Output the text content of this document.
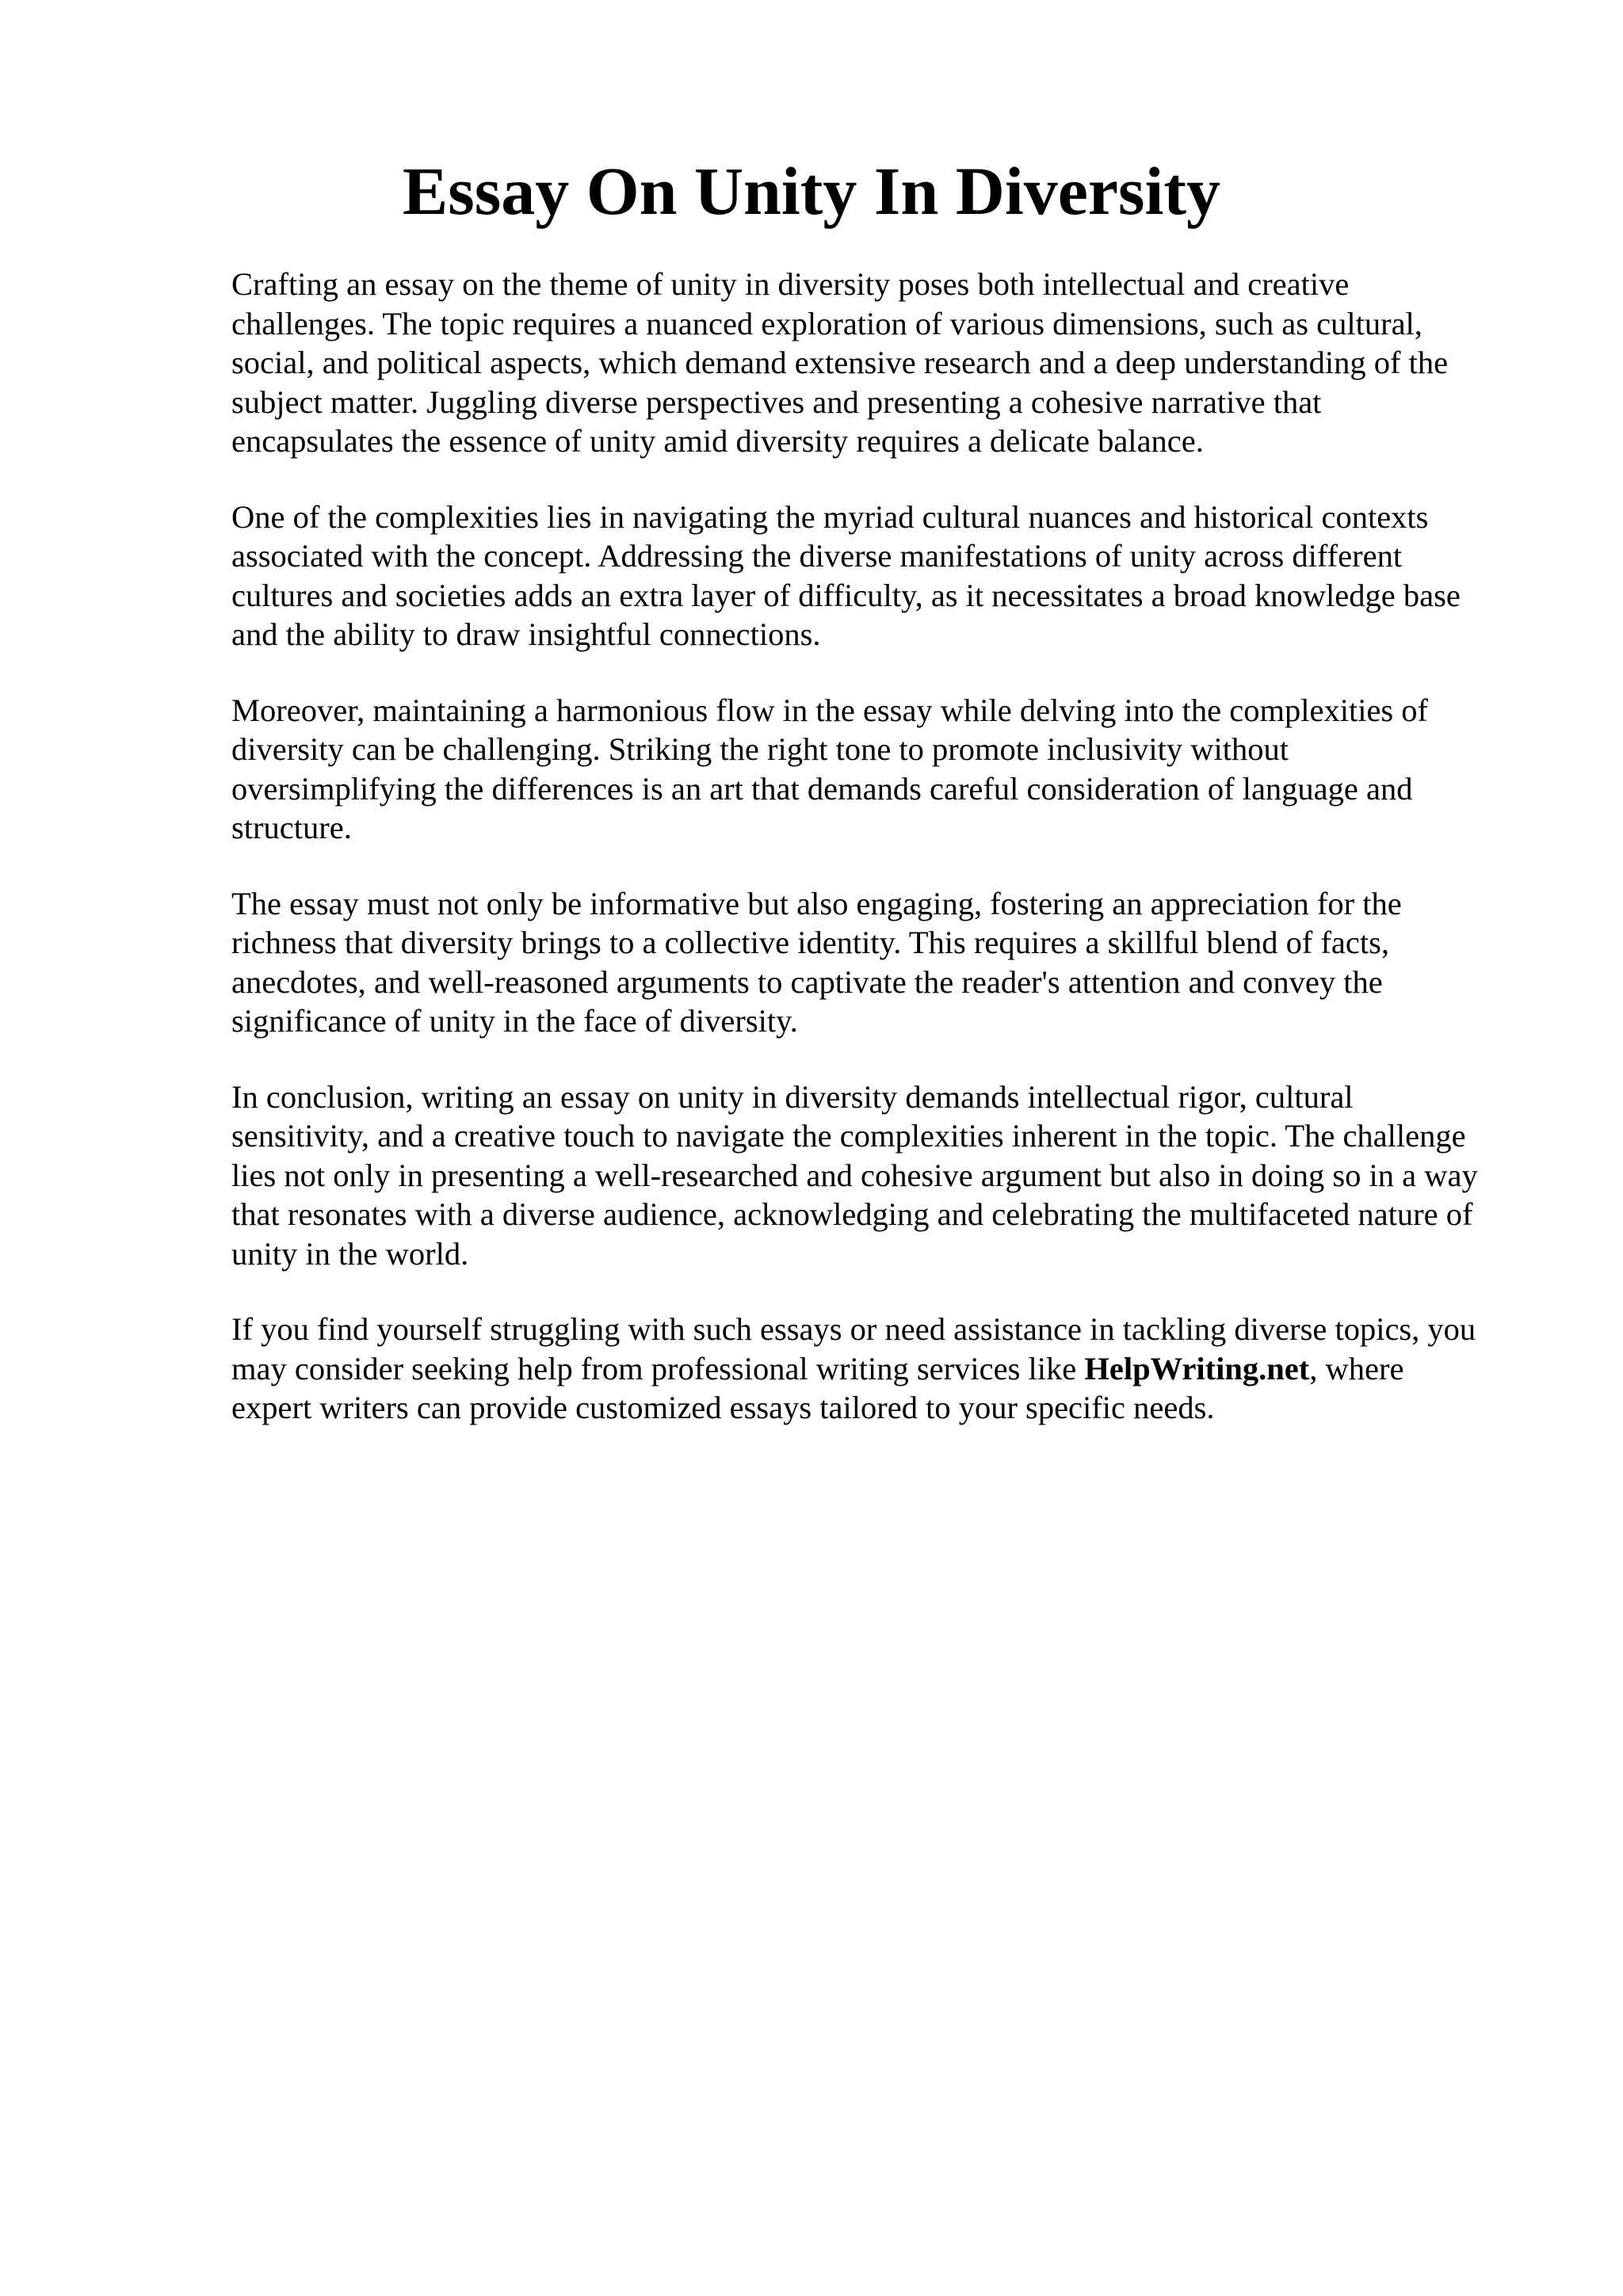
Essay On Unity In Diversity

Crafting an essay on the theme of unity in diversity poses both intellectual and creative
challenges. The topic requires a nuanced exploration of various dimensions, such as cultural,
social, and political aspects, which demand extensive research and a deep understanding of the
subject matter. Juggling diverse perspectives and presenting a cohesive narrative that
encapsulates the essence of unity amid diversity requires a delicate balance.

One of the complexities lies in navigating the myriad cultural nuances and historical contexts
associated with the concept. Addressing the diverse manifestations of unity across different
cultures and societies adds an extra layer of difficulty, as it necessitates a broad knowledge base
and the ability to draw insightful connections.

Moreover, maintaining a harmonious flow in the essay while delving into the complexities of
diversity can be challenging. Striking the right tone to promote inclusivity without
oversimplifying the differences is an art that demands careful consideration of language and
structure.

The essay must not only be informative but also engaging, fostering an appreciation for the
richness that diversity brings to a collective identity. This requires a skillful blend of facts,
anecdotes, and well-reasoned arguments to captivate the reader's attention and convey the
significance of unity in the face of diversity.

In conclusion, writing an essay on unity in diversity demands intellectual rigor, cultural
sensitivity, and a creative touch to navigate the complexities inherent in the topic. The challenge
lies not only in presenting a well-researched and cohesive argument but also in doing so in a way
that resonates with a diverse audience, acknowledging and celebrating the multifaceted nature of
unity in the world.

If you find yourself struggling with such essays or need assistance in tackling diverse topics, you
may consider seeking help from professional writing services like HelpWriting.net, where
expert writers can provide customized essays tailored to your specific needs.
